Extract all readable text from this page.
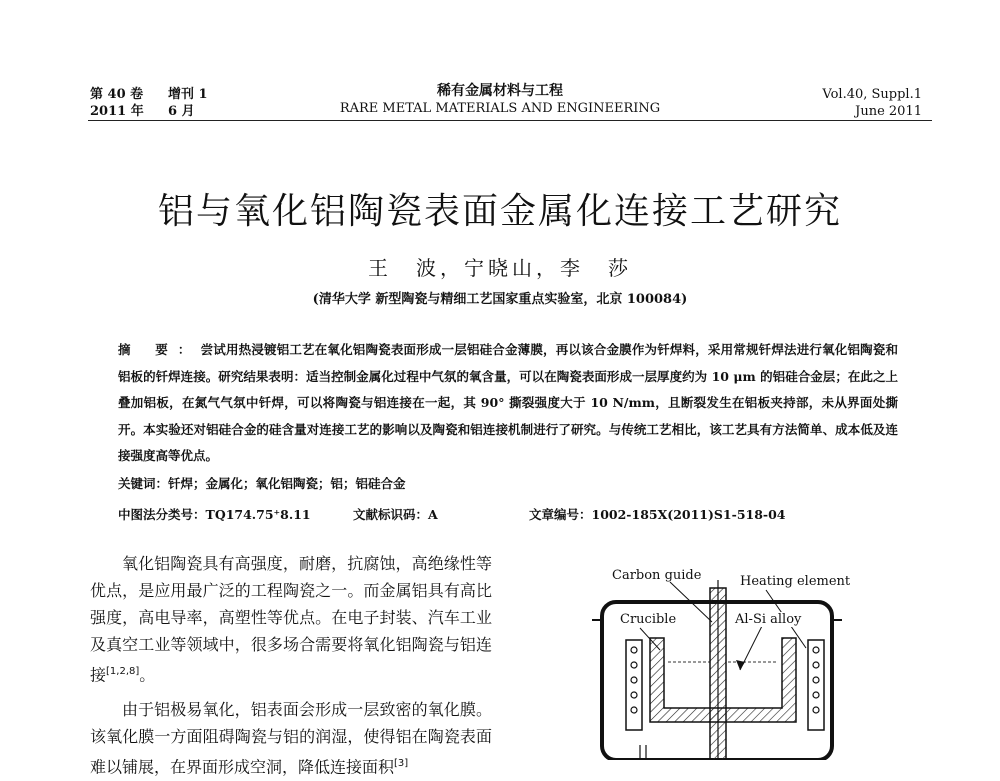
第 40 卷 增刊 1
2011 年 6 月
稀有金属材料与工程
RARE METAL MATERIALS AND ENGINEERING
Vol.40, Suppl.1
June 2011
铝与氧化铝陶瓷表面金属化连接工艺研究
王　波，宁晓山，李　莎
(清华大学 新型陶瓷与精细工艺国家重点实验室，北京 100084)
摘 要：尝试用热浸镀铝工艺在氧化铝陶瓷表面形成一层铝硅合金薄膜，再以该合金膜作为钎焊料，采用常规钎焊法进行氧化铝陶瓷和铝板的钎焊连接。研究结果表明：适当控制金属化过程中气氛的氧含量，可以在陶瓷表面形成一层厚度约为 10 μm 的铝硅合金层；在此之上叠加铝板，在氮气气氛中钎焊，可以将陶瓷与铝连接在一起，其 90° 撕裂强度大于 10 N/mm，且断裂发生在铝板夹持部，未从界面处撕开。本实验还对铝硅合金的硅含量对连接工艺的影响以及陶瓷和铝连接机制进行了研究。与传统工艺相比，该工艺具有方法简单、成本低及连接强度高等优点。
关键词：钎焊；金属化；氧化铝陶瓷；铝；铝硅合金
中图法分类号：TQ174.75⁺8.11	文献标识码：A	文章编号：1002-185X(2011)S1-518-04

氧化铝陶瓷具有高强度，耐磨，抗腐蚀，高绝缘性等优点，是应用最广泛的工程陶瓷之一。而金属铝具有高比强度，高电导率，高塑性等优点。在电子封装、汽车工业及真空工业等领域中，很多场合需要将氧化铝陶瓷与铝连接[1,2,8]。

由于铝极易氧化，铝表面会形成一层致密的氧化膜。该氧化膜一方面阻碍陶瓷与铝的润湿，使得铝在陶瓷表面难以铺展，在界面形成空洞，降低连接面积[3]

Carbon guide	Heating element
Crucible	Al-Si alloy
